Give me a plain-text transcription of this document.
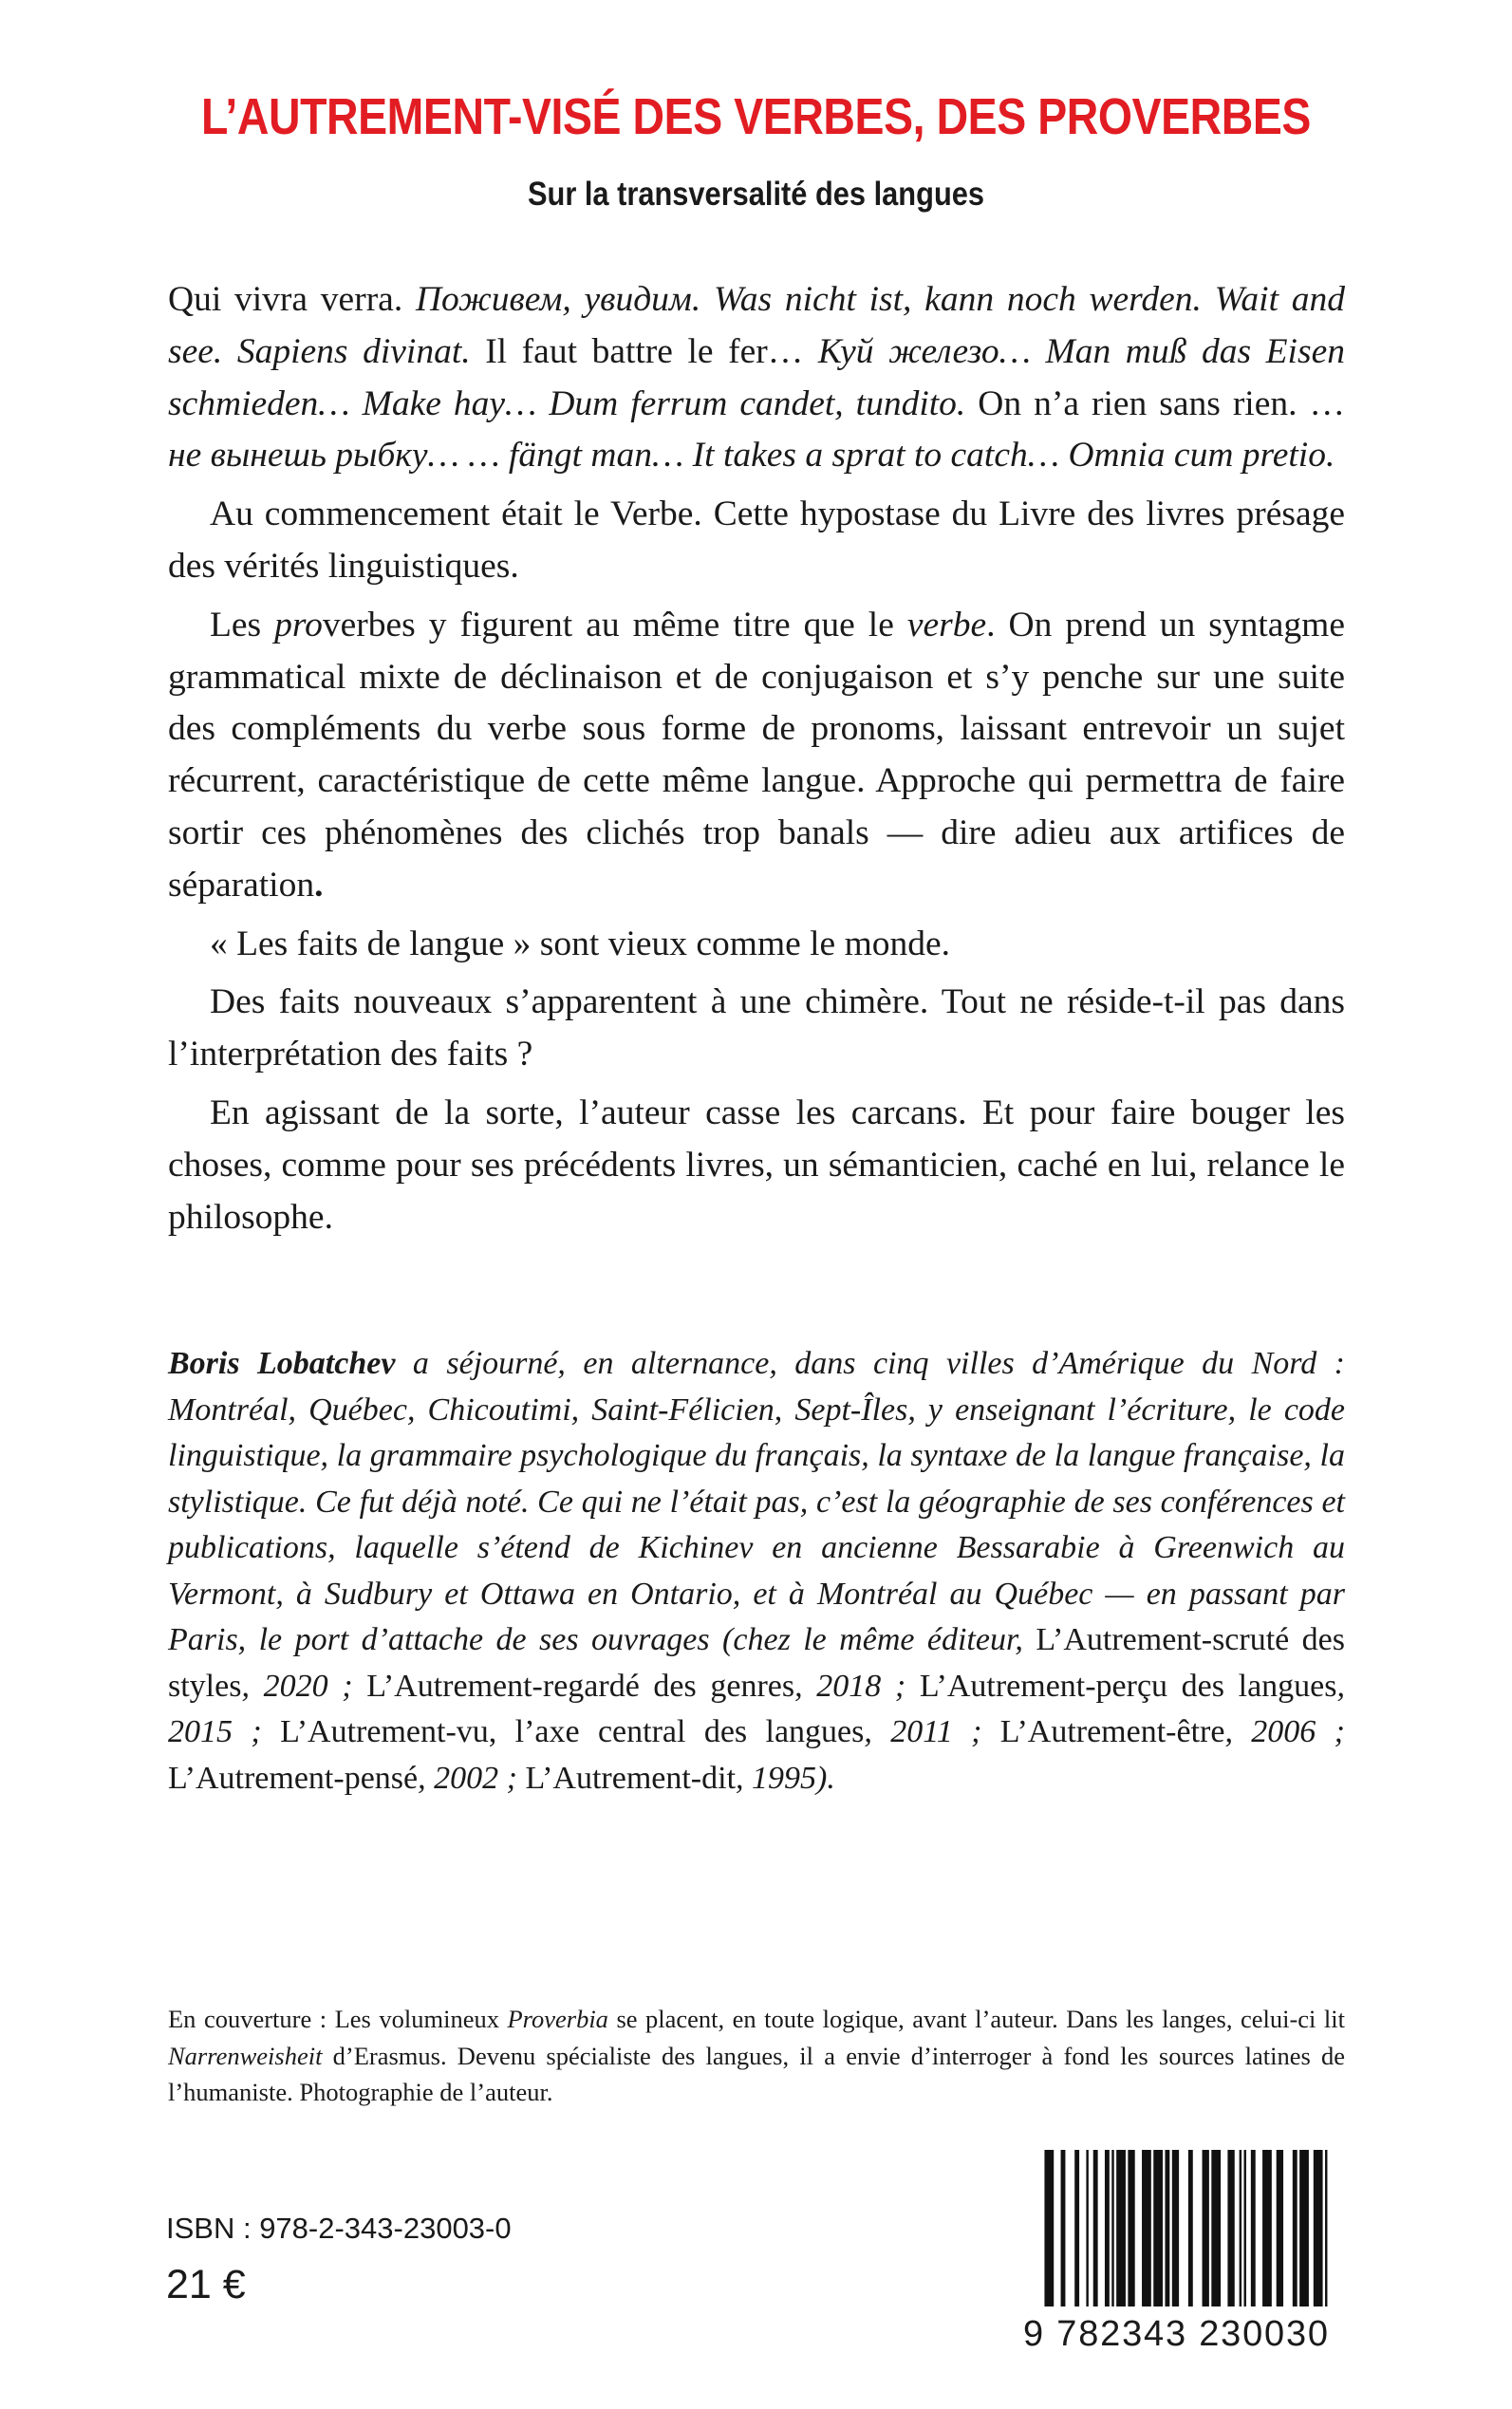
L’AUTREMENT-VISÉ DES VERBES, DES PROVERBES
Sur la transversalité des langues

Qui vivra verra. Поживем, увидим. Was nicht ist, kann noch werden. Wait and see. Sapiens divinat. Il faut battre le fer… Куй железо… Man muß das Eisen schmieden… Make hay… Dum ferrum candet, tundito. On n’a rien sans rien. … не вынешь рыбку… … fängt man… It takes a sprat to catch… Omnia cum pretio.

Au commencement était le Verbe. Cette hypostase du Livre des livres présage des vérités linguistiques.

Les proverbes y figurent au même titre que le verbe. On prend un syntagme grammatical mixte de déclinaison et de conjugaison et s’y penche sur une suite des compléments du verbe sous forme de pronoms, laissant entrevoir un sujet récurrent, caractéristique de cette même langue. Approche qui permettra de faire sortir ces phénomènes des clichés trop banals — dire adieu aux artifices de séparation.

« Les faits de langue » sont vieux comme le monde.

Des faits nouveaux s’apparentent à une chimère. Tout ne réside-t-il pas dans l’interprétation des faits ?

En agissant de la sorte, l’auteur casse les carcans. Et pour faire bouger les choses, comme pour ses précédents livres, un sémanticien, caché en lui, relance le philosophe.

Boris Lobatchev a séjourné, en alternance, dans cinq villes d’Amérique du Nord : Montréal, Québec, Chicoutimi, Saint-Félicien, Sept-Îles, y enseignant l’écriture, le code linguistique, la grammaire psychologique du français, la syntaxe de la langue française, la stylistique. Ce fut déjà noté. Ce qui ne l’était pas, c’est la géographie de ses conférences et publications, laquelle s’étend de Kichinev en ancienne Bessarabie à Greenwich au Vermont, à Sudbury et Ottawa en Ontario, et à Montréal au Québec — en passant par Paris, le port d’attache de ses ouvrages (chez le même éditeur, L’Autrement-scruté des styles, 2020 ; L’Autrement-regardé des genres, 2018 ; L’Autrement-perçu des langues, 2015 ; L’Autrement-vu, l’axe central des langues, 2011 ; L’Autrement-être, 2006 ; L’Autrement-pensé, 2002 ; L’Autrement-dit, 1995).

En couverture : Les volumineux Proverbia se placent, en toute logique, avant l’auteur. Dans les langes, celui-ci lit Narrenweisheit d’Erasmus. Devenu spécialiste des langues, il a envie d’interroger à fond les sources latines de l’humaniste. Photographie de l’auteur.

ISBN : 978-2-343-23003-0

21 €

9 782343 230030
